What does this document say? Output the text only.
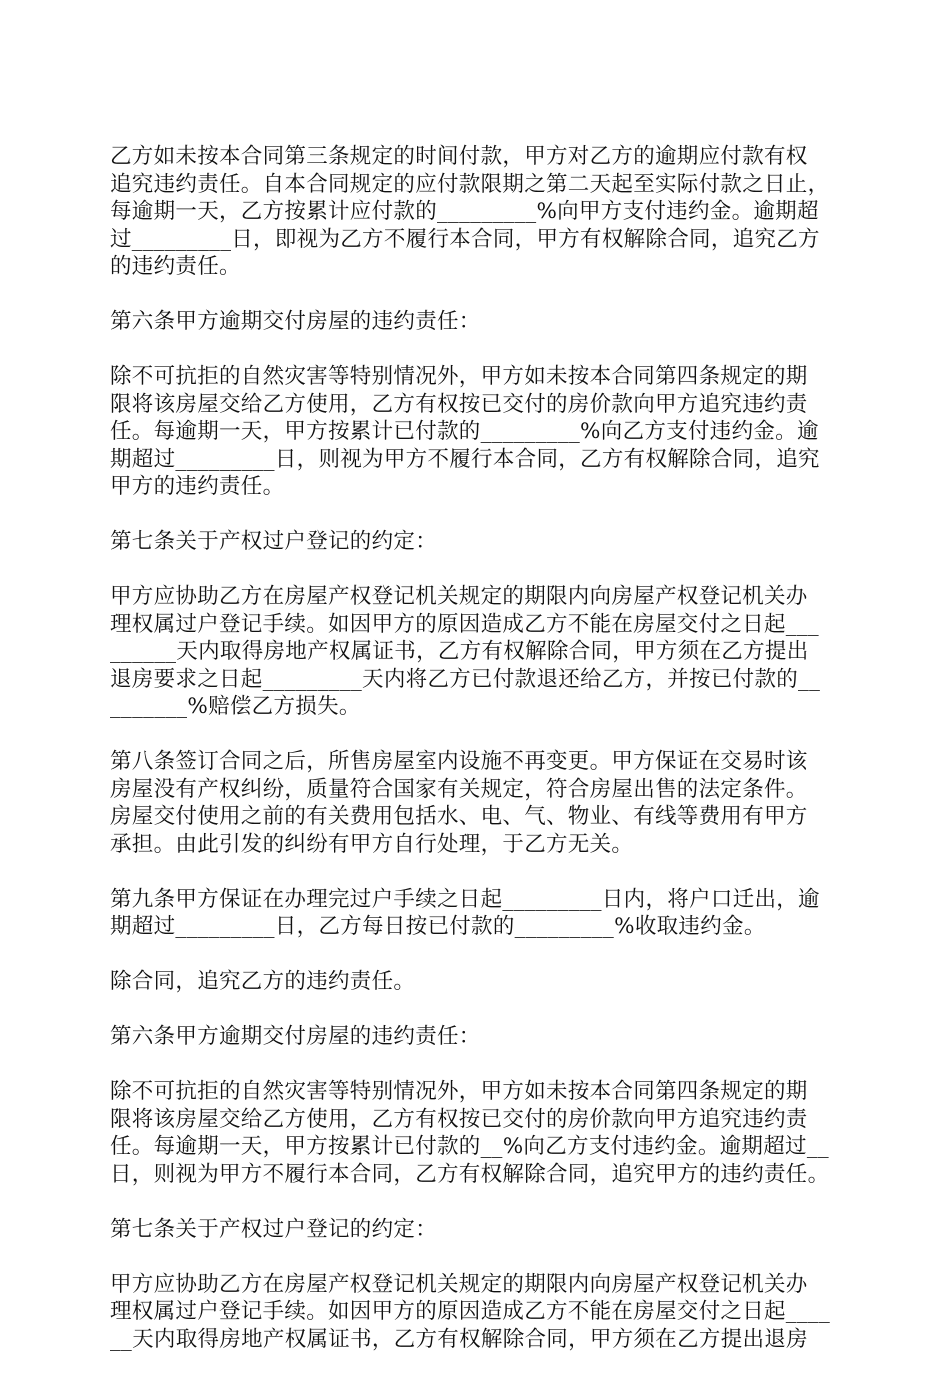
乙方如未按本合同第三条规定的时间付款，甲方对乙方的逾期应付款有权
追究违约责任。自本合同规定的应付款限期之第二天起至实际付款之日止，
每逾期一天，乙方按累计应付款的_________%向甲方支付违约金。逾期超
过_________日，即视为乙方不履行本合同，甲方有权解除合同，追究乙方
的违约责任。
第六条甲方逾期交付房屋的违约责任：
除不可抗拒的自然灾害等特别情况外，甲方如未按本合同第四条规定的期
限将该房屋交给乙方使用，乙方有权按已交付的房价款向甲方追究违约责
任。每逾期一天，甲方按累计已付款的_________%向乙方支付违约金。逾
期超过_________日，则视为甲方不履行本合同，乙方有权解除合同，追究
甲方的违约责任。
第七条关于产权过户登记的约定：
甲方应协助乙方在房屋产权登记机关规定的期限内向房屋产权登记机关办
理权属过户登记手续。如因甲方的原因造成乙方不能在房屋交付之日起___
______天内取得房地产权属证书，乙方有权解除合同，甲方须在乙方提出
退房要求之日起_________天内将乙方已付款退还给乙方，并按已付款的__
_______%赔偿乙方损失。
第八条签订合同之后，所售房屋室内设施不再变更。甲方保证在交易时该
房屋没有产权纠纷，质量符合国家有关规定，符合房屋出售的法定条件。
房屋交付使用之前的有关费用包括水、电、气、物业、有线等费用有甲方
承担。由此引发的纠纷有甲方自行处理，于乙方无关。
第九条甲方保证在办理完过户手续之日起_________日内，将户口迁出，逾
期超过_________日，乙方每日按已付款的_________%收取违约金。
除合同，追究乙方的违约责任。
第六条甲方逾期交付房屋的违约责任：
除不可抗拒的自然灾害等特别情况外，甲方如未按本合同第四条规定的期
限将该房屋交给乙方使用，乙方有权按已交付的房价款向甲方追究违约责
任。每逾期一天，甲方按累计已付款的__%向乙方支付违约金。逾期超过__
日，则视为甲方不履行本合同，乙方有权解除合同，追究甲方的违约责任。
第七条关于产权过户登记的约定：
甲方应协助乙方在房屋产权登记机关规定的期限内向房屋产权登记机关办
理权属过户登记手续。如因甲方的原因造成乙方不能在房屋交付之日起____
__天内取得房地产权属证书，乙方有权解除合同，甲方须在乙方提出退房
